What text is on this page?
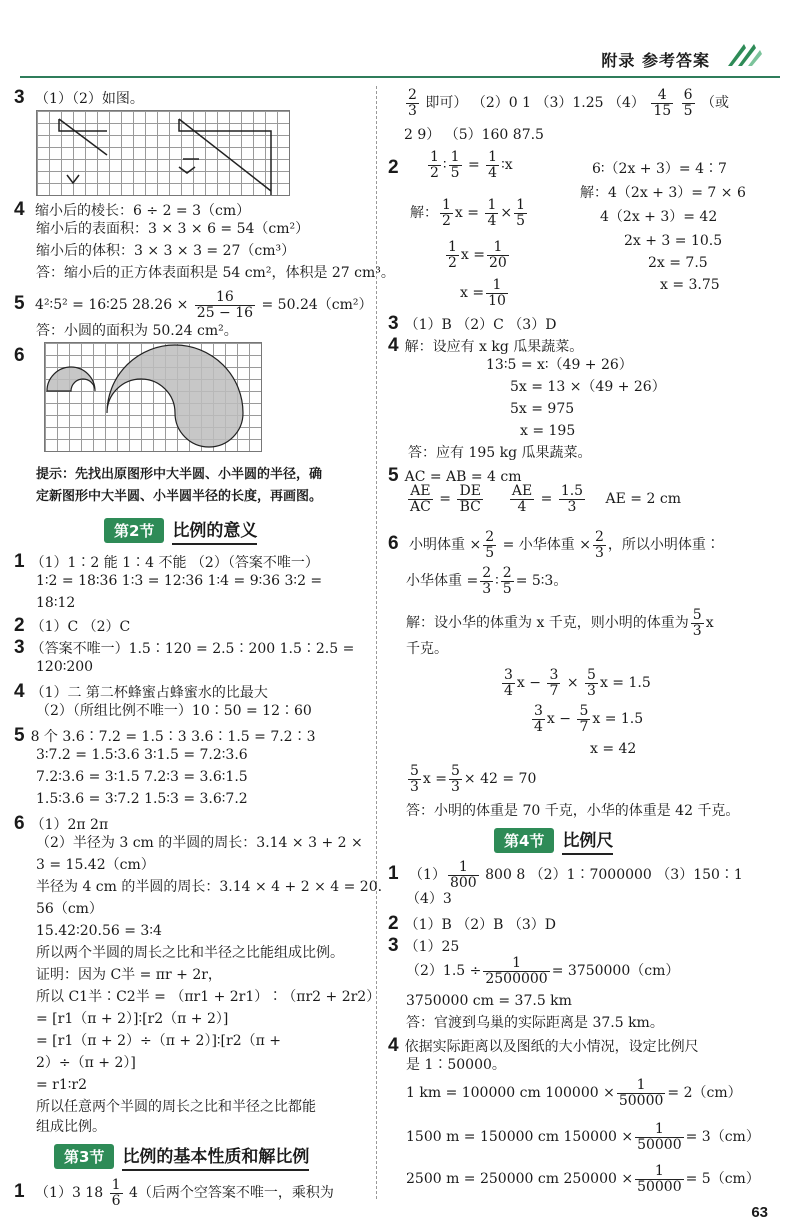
附录 参考答案
3 （1）（2）如图。
4 缩小后的棱长：6 ÷ 2 = 3（cm）
缩小后的表面积：3 × 3 × 6 = 54（cm²）
缩小后的体积：3 × 3 × 3 = 27（cm³）
答：缩小后的正方体表面积是 54 cm²，体积是 27 cm³。
5 4²∶5² = 16∶25 $28.26 \times \frac{16}{25 - 16} = 50.24(cm^2)$
答：小圆的面积为 50.24 cm²。
6
提示：先找出原图形中大半圆、小半圆的半径，确
定新图形中大半圆、小半圆半径的长度，再画图。
第2节	比例的意义
1 （1）1∶2 能 1∶4 不能 （2）（答案不唯一）
1∶2 = 18∶36 1∶3 = 12∶36 1∶4 = 9∶36 3∶2 =
18∶12
2 （1）C （2）C
3 （答案不唯一）1.5∶120 = 2.5∶200 1.5∶2.5 =
120∶200
4 （1）二 第二杯蜂蜜占蜂蜜水的比最大
（2）（所组比例不唯一）10∶50 = 12∶60
5 8 个 3.6∶7.2 = 1.5∶3 3.6∶1.5 = 7.2∶3
3∶7.2 = 1.5∶3.6 3∶1.5 = 7.2∶3.6
7.2∶3.6 = 3∶1.5 7.2∶3 = 3.6∶1.5
1.5∶3.6 = 3∶7.2 1.5∶3 = 3.6∶7.2
6 （1）2π 2π
（2）半径为 3 cm 的半圆的周长：3.14 × 3 + 2 ×
3 = 15.42（cm）
半径为 4 cm 的半圆的周长：3.14 × 4 + 2 × 4 = 20.
56（cm）
15.42∶20.56 = 3∶4
所以两个半圆的周长之比和半径之比能组成比例。
证明：因为 C半 = πr + 2r，
所以 C1半∶C2半 = （πr1 + 2r1）∶（πr2 + 2r2）
= [r1（π + 2）]∶[r2（π + 2）]
= [r1（π + 2）÷（π + 2）]∶[r2（π +
2）÷（π + 2）]
= r1∶r2
所以任意两个半圆的周长之比和半径之比都能
组成比例。
第3节	比例的基本性质和解比例
1 （1）3 $18 \frac{1}{6} 4$（后两个空答案不唯一，乘积为
$\frac{2}{3}$ 即可） （2）0 1 （3）1.25 $(4) \frac{4}{15}$
$\frac{6}{5}$ （或
2 9） （5）160 87.5
$2 \frac{1}{2}$ ∶ $\frac{1}{5} = \frac{1}{4}$ ∶x
解： $\frac{1}{2}$ $x = \frac{1}{4} \times \frac{1}{5}$
$\frac{1}{2}$ $x = \frac{1}{20}$
$x = \frac{1}{10}$
6∶（2x + 3）= 4∶7
解：4（2x + 3）= 7 × 6
4（2x + 3）= 42
2x + 3 = 10.5
2x = 7.5
x = 3.75
3 （1）B （2）C （3）D
4 解：设应有 x kg 瓜果蔬菜。
13∶5 = x∶（49 + 26）
5x = 13 ×（49 + 26）
5x = 975
x = 195
答：应有 195 kg 瓜果蔬菜。
5 AC = AB = 4 cm
$\frac{AE}{AC} = \frac{DE}{BC}$
$\frac{AE}{4} = \frac{1.5}{3}$ AE = 2 cm
6 小明体重 × $\frac{2}{5}$ = 小华体重 × $\frac{2}{3}$ ，所以小明体重∶
小华体重 = $\frac{2}{3}$ ∶ $\frac{2}{5}$ = 5∶3。
解：设小华的体重为 x 千克，则小明的体重为 $\frac{5}{3}$ x
千克。
$\frac{3}{4}$ $x - \frac{3}{7} \times \frac{5}{3}$ x = 1.5
$\frac{3}{4}$ $x - \frac{5}{7}$ x = 1.5
x = 42
$\frac{5}{3}$ $x = \frac{5}{3} \times 42 = 70$
答：小明的体重是 70 千克，小华的体重是 42 千克。
第4节	比例尺
1 $(1) \frac{1}{800} 800$ 8 （2）1∶7000000 （3）150∶1
（4）3
2 （1）B （2）B （3）D
3 （1）25
$(2)1.5 \div \frac{1}{2500000} = 3750000(cm)$
3750000 cm = 37.5 km
答：官渡到乌巢的实际距离是 37.5 km。
4 依据实际距离以及图纸的大小情况，设定比例尺
是 1∶50000。
1 km = 100000 cm $100000 \times \frac{1}{50000} = 2(cm)$
1500 m = 150000 cm $150000 \times \frac{1}{50000} = 3(cm)$
2500 m = 250000 cm $250000 \times \frac{1}{50000} = 5(cm)$
63
